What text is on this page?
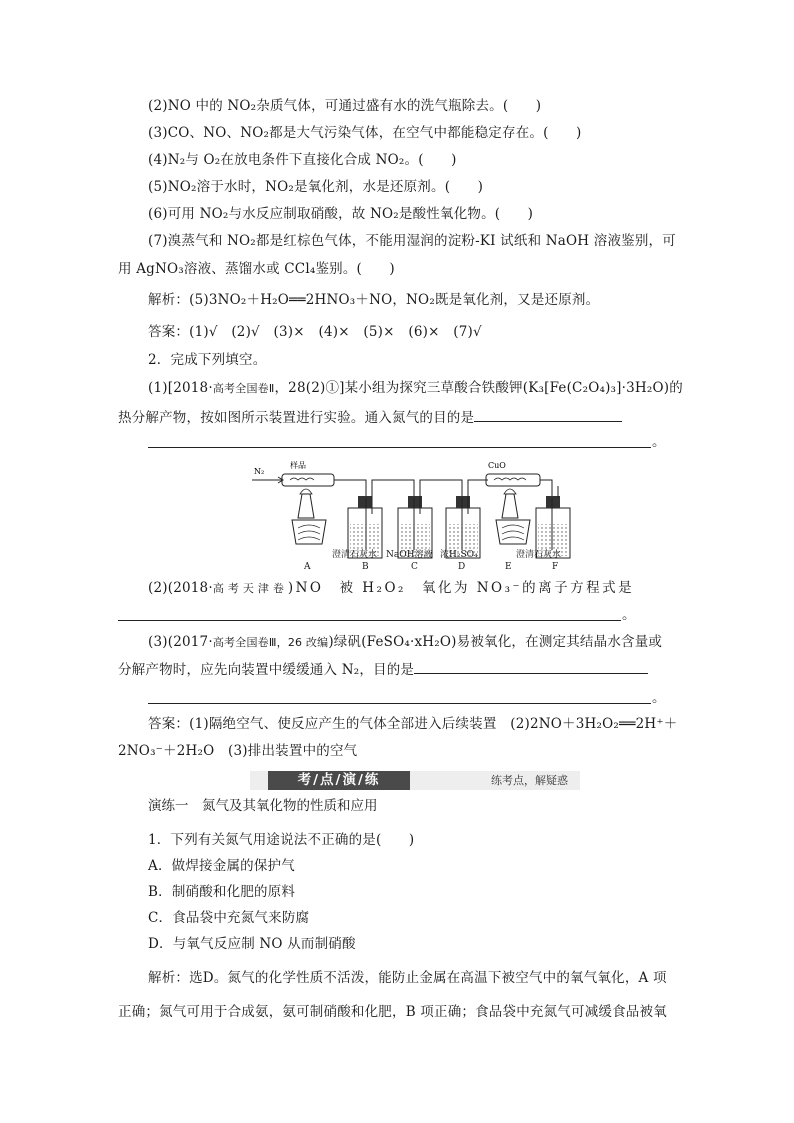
(2)NO 中的 NO₂杂质气体，可通过盛有水的洗气瓶除去。(　　)
(3)CO、NO、NO₂都是大气污染气体，在空气中都能稳定存在。(　　)
(4)N₂与 O₂在放电条件下直接化合成 NO₂。(　　)
(5)NO₂溶于水时，NO₂是氧化剂，水是还原剂。(　　)
(6)可用 NO₂与水反应制取硝酸，故 NO₂是酸性氧化物。(　　)
(7)溴蒸气和 NO₂都是红棕色气体，不能用湿润的淀粉-KI 试纸和 NaOH 溶液鉴别，可
用 AgNO₃溶液、蒸馏水或 CCl₄鉴别。(　　)
解析：(5)3NO₂＋H₂O══2HNO₃＋NO，NO₂既是氧化剂，又是还原剂。
答案：(1)√　(2)√　(3)×　(4)×　(5)×　(6)×　(7)√
2．完成下列填空。
(1)[2018·高考全国卷Ⅱ，28(2)①]某小组为探究三草酸合铁酸钾(K₃[Fe(C₂O₄)₃]·3H₂O)的
热分解产物，按如图所示装置进行实验。通入氮气的目的是
。
N₂
样品	CuO
澄清石灰水 NaOH溶液 浓H₂SO₄	澄清石灰水
A	B	C	D	E	F
(2)(2018·高考天津卷)NO　被 H₂O₂　氧化为 NO₃⁻的离子方程式是
。
(3)(2017·高考全国卷Ⅲ，26 改编)绿矾(FeSO₄·xH₂O)易被氧化，在测定其结晶水含量或
分解产物时，应先向装置中缓缓通入 N₂，目的是
。
答案：(1)隔绝空气、使反应产生的气体全部进入后续装置　(2)2NO＋3H₂O₂══2H⁺＋
2NO₃⁻＋2H₂O　(3)排出装置中的空气
考/点/演/练	练考点，解疑惑
演练一　氮气及其氧化物的性质和应用
1．下列有关氮气用途说法不正确的是(　　)
A．做焊接金属的保护气
B．制硝酸和化肥的原料
C．食品袋中充氮气来防腐
D．与氧气反应制 NO 从而制硝酸
解析：选D。氮气的化学性质不活泼，能防止金属在高温下被空气中的氧气氧化，A 项
正确；氮气可用于合成氨，氨可制硝酸和化肥，B 项正确；食品袋中充氮气可减缓食品被氧
